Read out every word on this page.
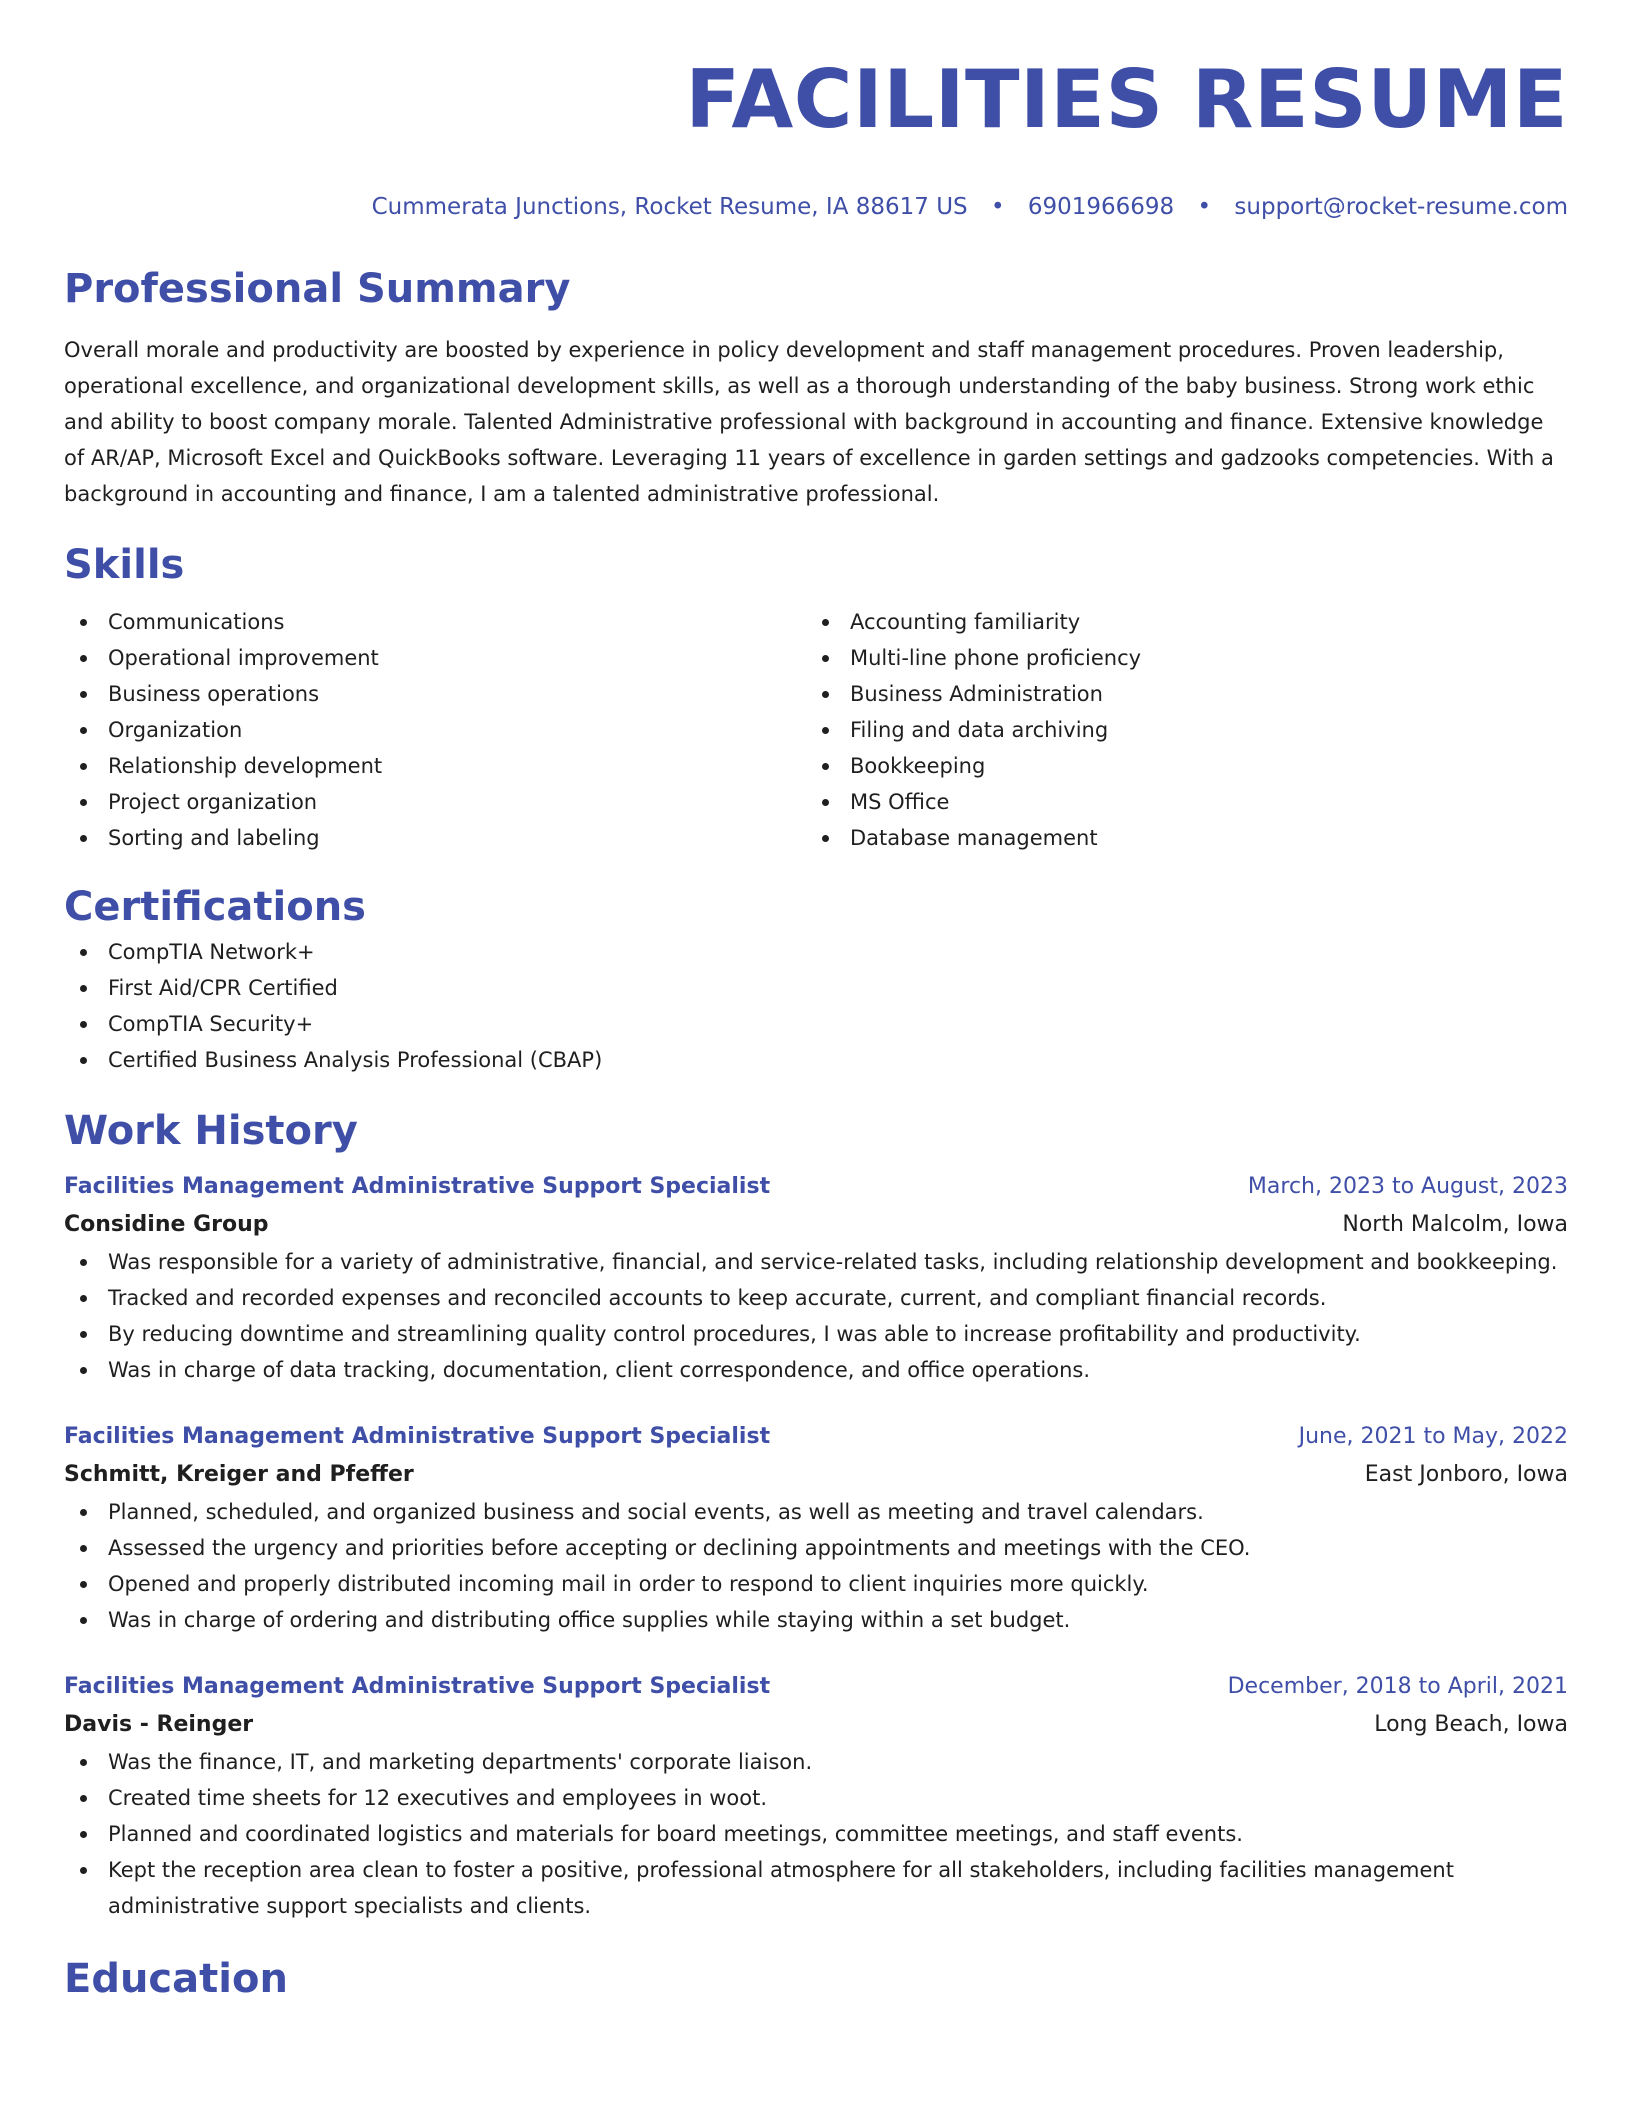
FACILITIES RESUME
Cummerata Junctions, Rocket Resume, IA 88617 US • 6901966698 • support@rocket-resume.com
Professional Summary

Overall morale and productivity are boosted by experience in policy development and staff management procedures. Proven leadership, operational excellence, and organizational development skills, as well as a thorough understanding of the baby business. Strong work ethic and ability to boost company morale. Talented Administrative professional with background in accounting and finance. Extensive knowledge of AR/AP, Microsoft Excel and QuickBooks software. Leveraging 11 years of excellence in garden settings and gadzooks competencies. With a background in accounting and finance, I am a talented administrative professional.

Skills
Communications
Operational improvement
Business operations
Organization
Relationship development
Project organization
Sorting and labeling
Accounting familiarity
Multi-line phone proficiency
Business Administration
Filing and data archiving
Bookkeeping
MS Office
Database management
Certifications
CompTIA Network+
First Aid/CPR Certified
CompTIA Security+
Certified Business Analysis Professional (CBAP)
Work History
Facilities Management Administrative Support Specialist	March, 2023 to August, 2023
Considine Group	North Malcolm, Iowa
Was responsible for a variety of administrative, financial, and service-related tasks, including relationship development and bookkeeping.
Tracked and recorded expenses and reconciled accounts to keep accurate, current, and compliant financial records.
By reducing downtime and streamlining quality control procedures, I was able to increase profitability and productivity.
Was in charge of data tracking, documentation, client correspondence, and office operations.
Facilities Management Administrative Support Specialist	June, 2021 to May, 2022
Schmitt, Kreiger and Pfeffer	East Jonboro, Iowa
Planned, scheduled, and organized business and social events, as well as meeting and travel calendars.
Assessed the urgency and priorities before accepting or declining appointments and meetings with the CEO.
Opened and properly distributed incoming mail in order to respond to client inquiries more quickly.
Was in charge of ordering and distributing office supplies while staying within a set budget.
Facilities Management Administrative Support Specialist	December, 2018 to April, 2021
Davis - Reinger	Long Beach, Iowa
Was the finance, IT, and marketing departments' corporate liaison.
Created time sheets for 12 executives and employees in woot.
Planned and coordinated logistics and materials for board meetings, committee meetings, and staff events.
Kept the reception area clean to foster a positive, professional atmosphere for all stakeholders, including facilities management administrative support specialists and clients.
Education
